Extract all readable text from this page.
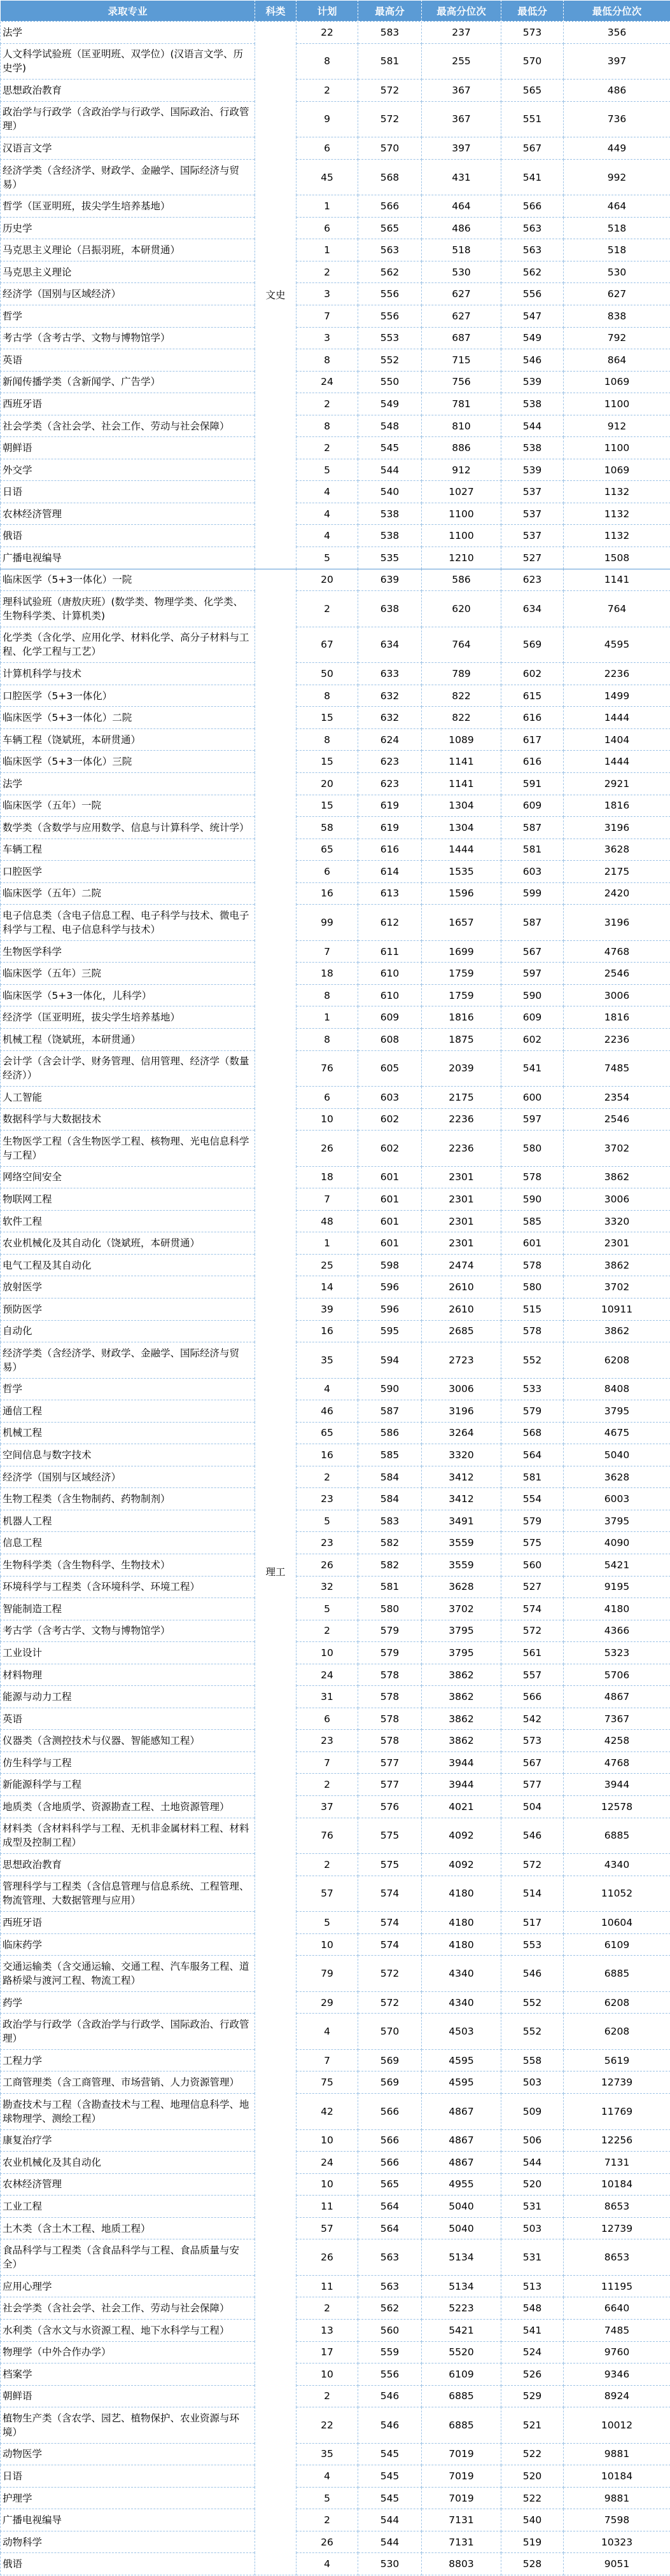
录取专业	科类	计划	最高分	最高分位次	最低分	最低分位次
法学	文史	22	583	237	573	356
人文科学试验班（匡亚明班、双学位）(汉语言文学、历史学)		8	581	255	570	397
思想政治教育		2	572	367	565	486
政治学与行政学（含政治学与行政学、国际政治、行政管理）		9	572	367	551	736
汉语言文学		6	570	397	567	449
经济学类（含经济学、财政学、金融学、国际经济与贸易）		45	568	431	541	992
哲学（匡亚明班，拔尖学生培养基地）		1	566	464	566	464
历史学		6	565	486	563	518
马克思主义理论（吕振羽班，本研贯通）		1	563	518	563	518
马克思主义理论		2	562	530	562	530
经济学（国别与区域经济）		3	556	627	556	627
哲学		7	556	627	547	838
考古学（含考古学、文物与博物馆学）		3	553	687	549	792
英语		8	552	715	546	864
新闻传播学类（含新闻学、广告学）		24	550	756	539	1069
西班牙语		2	549	781	538	1100
社会学类（含社会学、社会工作、劳动与社会保障）		8	548	810	544	912
朝鲜语		2	545	886	538	1100
外交学		5	544	912	539	1069
日语		4	540	1027	537	1132
农林经济管理		4	538	1100	537	1132
俄语		4	538	1100	537	1132
广播电视编导		5	535	1210	527	1508
临床医学（5+3一体化）一院	理工	20	639	586	623	1141
理科试验班（唐敖庆班）(数学类、物理学类、化学类、生物科学类、计算机类)		2	638	620	634	764
化学类（含化学、应用化学、材料化学、高分子材料与工程、化学工程与工艺）		67	634	764	569	4595
计算机科学与技术		50	633	789	602	2236
口腔医学（5+3一体化）		8	632	822	615	1499
临床医学（5+3一体化）二院		15	632	822	616	1444
车辆工程（饶斌班，本研贯通）		8	624	1089	617	1404
临床医学（5+3一体化）三院		15	623	1141	616	1444
法学		20	623	1141	591	2921
临床医学（五年）一院		15	619	1304	609	1816
数学类（含数学与应用数学、信息与计算科学、统计学）		58	619	1304	587	3196
车辆工程		65	616	1444	581	3628
口腔医学		6	614	1535	603	2175
临床医学（五年）二院		16	613	1596	599	2420
电子信息类（含电子信息工程、电子科学与技术、微电子科学与工程、电子信息科学与技术）		99	612	1657	587	3196
生物医学科学		7	611	1699	567	4768
临床医学（五年）三院		18	610	1759	597	2546
临床医学（5+3一体化，儿科学）		8	610	1759	590	3006
经济学（匡亚明班，拔尖学生培养基地）		1	609	1816	609	1816
机械工程（饶斌班，本研贯通）		8	608	1875	602	2236
会计学（含会计学、财务管理、信用管理、经济学（数量经济））		76	605	2039	541	7485
人工智能		6	603	2175	600	2354
数据科学与大数据技术		10	602	2236	597	2546
生物医学工程（含生物医学工程、核物理、光电信息科学与工程）		26	602	2236	580	3702
网络空间安全		18	601	2301	578	3862
物联网工程		7	601	2301	590	3006
软件工程		48	601	2301	585	3320
农业机械化及其自动化（饶斌班，本研贯通）		1	601	2301	601	2301
电气工程及其自动化		25	598	2474	578	3862
放射医学		14	596	2610	580	3702
预防医学		39	596	2610	515	10911
自动化		16	595	2685	578	3862
经济学类（含经济学、财政学、金融学、国际经济与贸易）		35	594	2723	552	6208
哲学		4	590	3006	533	8408
通信工程		46	587	3196	579	3795
机械工程		65	586	3264	568	4675
空间信息与数字技术		16	585	3320	564	5040
经济学（国别与区域经济）		2	584	3412	581	3628
生物工程类（含生物制药、药物制剂）		23	584	3412	554	6003
机器人工程		5	583	3491	579	3795
信息工程		23	582	3559	575	4090
生物科学类（含生物科学、生物技术）		26	582	3559	560	5421
环境科学与工程类（含环境科学、环境工程）		32	581	3628	527	9195
智能制造工程		5	580	3702	574	4180
考古学（含考古学、文物与博物馆学）		2	579	3795	572	4366
工业设计		10	579	3795	561	5323
材料物理		24	578	3862	557	5706
能源与动力工程		31	578	3862	566	4867
英语		6	578	3862	542	7367
仪器类（含测控技术与仪器、智能感知工程）		23	578	3862	573	4258
仿生科学与工程		7	577	3944	567	4768
新能源科学与工程		2	577	3944	577	3944
地质类（含地质学、资源勘查工程、土地资源管理）		37	576	4021	504	12578
材料类（含材料科学与工程、无机非金属材料工程、材料成型及控制工程）		76	575	4092	546	6885
思想政治教育		2	575	4092	572	4340
管理科学与工程类（含信息管理与信息系统、工程管理、物流管理、大数据管理与应用）		57	574	4180	514	11052
西班牙语		5	574	4180	517	10604
临床药学		10	574	4180	553	6109
交通运输类（含交通运输、交通工程、汽车服务工程、道路桥梁与渡河工程、物流工程）		79	572	4340	546	6885
药学		29	572	4340	552	6208
政治学与行政学（含政治学与行政学、国际政治、行政管理）		4	570	4503	552	6208
工程力学		7	569	4595	558	5619
工商管理类（含工商管理、市场营销、人力资源管理）		75	569	4595	503	12739
勘查技术与工程（含勘查技术与工程、地理信息科学、地球物理学、测绘工程）		42	566	4867	509	11769
康复治疗学		10	566	4867	506	12256
农业机械化及其自动化		24	566	4867	544	7131
农林经济管理		10	565	4955	520	10184
工业工程		11	564	5040	531	8653
土木类（含土木工程、地质工程）		57	564	5040	503	12739
食品科学与工程类（含食品科学与工程、食品质量与安全）		26	563	5134	531	8653
应用心理学		11	563	5134	513	11195
社会学类（含社会学、社会工作、劳动与社会保障）		2	562	5223	548	6640
水利类（含水文与水资源工程、地下水科学与工程）		13	560	5421	541	7485
物理学（中外合作办学）		17	559	5520	524	9760
档案学		10	556	6109	526	9346
朝鲜语		2	546	6885	529	8924
植物生产类（含农学、园艺、植物保护、农业资源与环境）		22	546	6885	521	10012
动物医学		35	545	7019	522	9881
日语		4	545	7019	520	10184
护理学		5	545	7019	522	9881
广播电视编导		2	544	7131	540	7598
动物科学		26	544	7131	519	10323
俄语		4	530	8803	528	9051
